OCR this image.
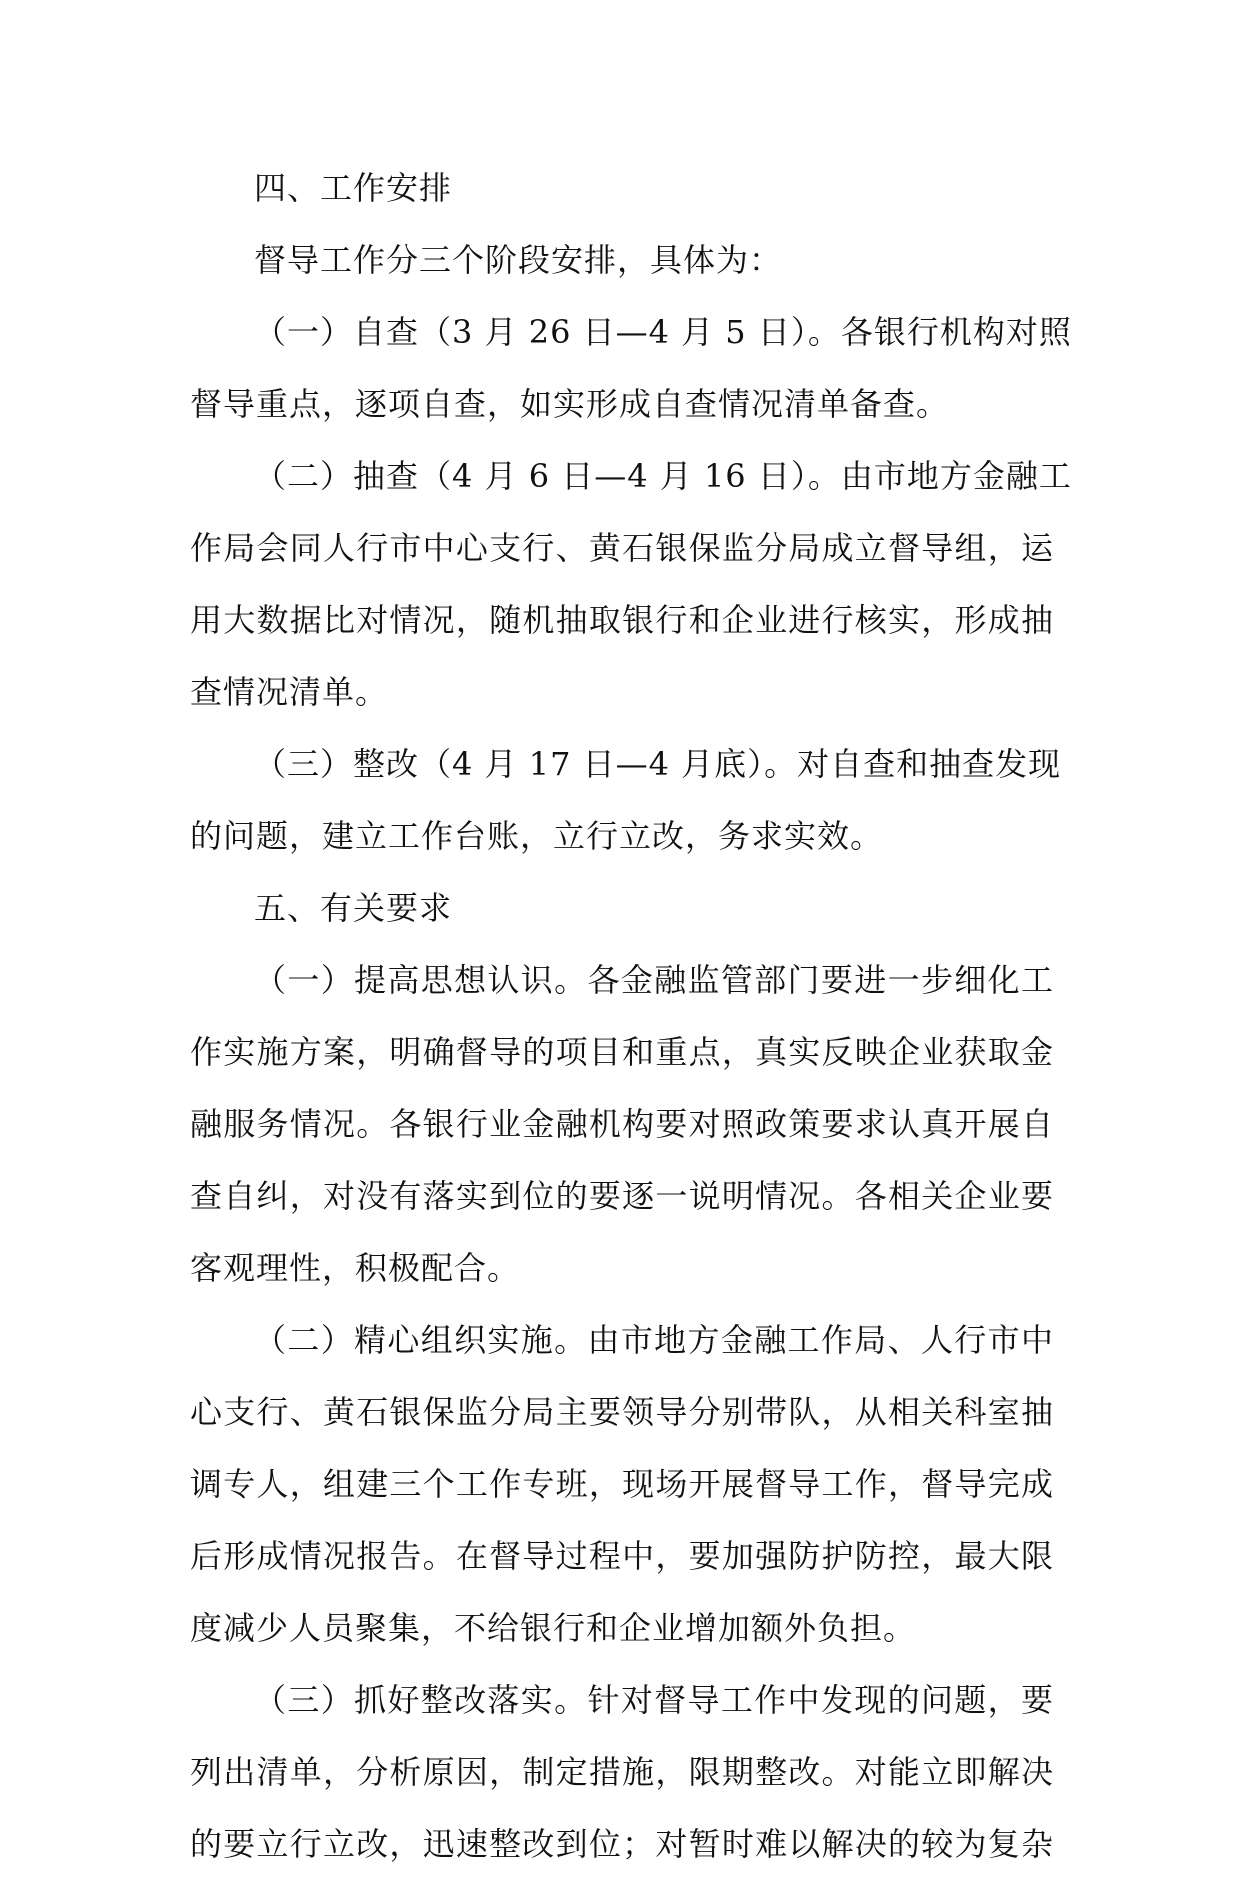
四、工作安排
督导工作分三个阶段安排，具体为：
（一）自查（3 月 26 日—4 月 5 日）。各银行机构对照
督导重点，逐项自查，如实形成自查情况清单备查。
（二）抽查（4 月 6 日—4 月 16 日）。由市地方金融工
作局会同人行市中心支行、黄石银保监分局成立督导组，运
用大数据比对情况，随机抽取银行和企业进行核实，形成抽
查情况清单。
（三）整改（4 月 17 日—4 月底）。对自查和抽查发现
的问题，建立工作台账，立行立改，务求实效。
五、有关要求
（一）提高思想认识。各金融监管部门要进一步细化工
作实施方案，明确督导的项目和重点，真实反映企业获取金
融服务情况。各银行业金融机构要对照政策要求认真开展自
查自纠，对没有落实到位的要逐一说明情况。各相关企业要
客观理性，积极配合。
（二）精心组织实施。由市地方金融工作局、人行市中
心支行、黄石银保监分局主要领导分别带队，从相关科室抽
调专人，组建三个工作专班，现场开展督导工作，督导完成
后形成情况报告。在督导过程中，要加强防护防控，最大限
度减少人员聚集，不给银行和企业增加额外负担。
（三）抓好整改落实。针对督导工作中发现的问题，要
列出清单，分析原因，制定措施，限期整改。对能立即解决
的要立行立改，迅速整改到位；对暂时难以解决的较为复杂
